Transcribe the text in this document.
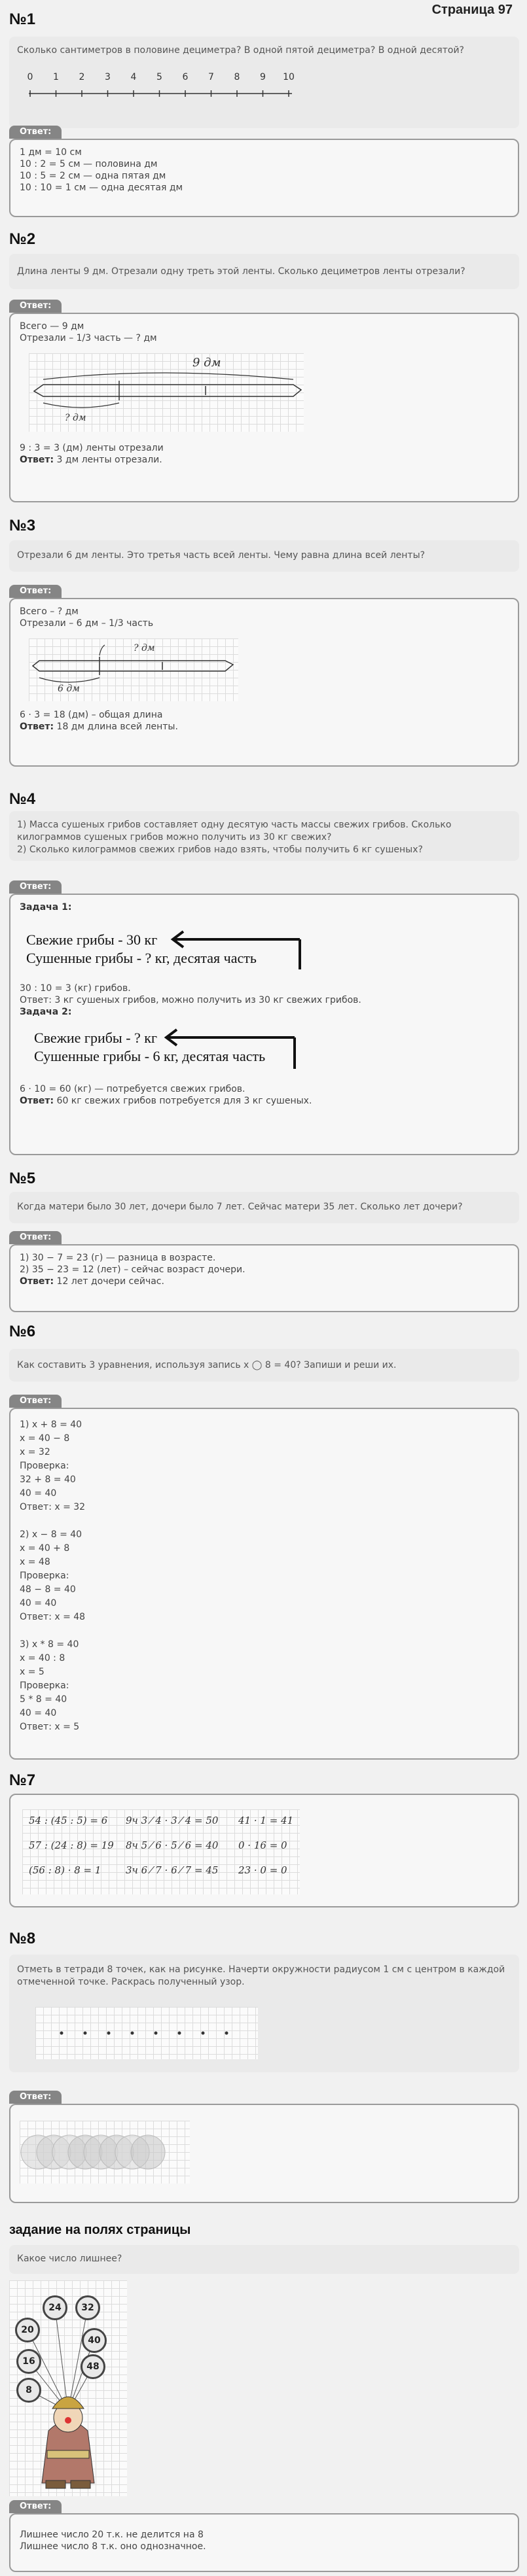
Страница 97
№1
Сколько сантиметров в половине дециметра? В одной пятой дециметра? В одной десятой?
0 1 2 3 4 5 6 7 8 9 10
Ответ:
1 дм = 10 см
10 : 2 = 5 см — половина дм
10 : 5 = 2 см — одна пятая дм
10 : 10 = 1 см — одна десятая дм
№2
Длина ленты 9 дм. Отрезали одну треть этой ленты. Сколько дециметров ленты отрезали?
Ответ:
Всего — 9 дм
Отрезали – 1/3 часть — ? дм
9 дм
? дм
9 : 3 = 3 (дм) ленты отрезали
Ответ: 3 дм ленты отрезали.
№3
Отрезали 6 дм ленты. Это третья часть всей ленты. Чему равна длина всей ленты?
Ответ:
Всего – ? дм
Отрезали – 6 дм – 1/3 часть
? дм
6 дм
6 · 3 = 18 (дм) – общая длина
Ответ: 18 дм длина всей ленты.
№4
1) Масса сушеных грибов составляет одну десятую часть массы свежих грибов. Сколько килограммов сушеных грибов можно получить из 30 кг свежих?
2) Сколько килограммов свежих грибов надо взять, чтобы получить 6 кг сушеных?
Ответ:
Задача 1:
Свежие грибы - 30 кг
Сушенные грибы - ? кг, десятая часть
30 : 10 = 3 (кг) грибов.
Ответ: 3 кг сушеных грибов, можно получить из 30 кг свежих грибов.
Задача 2:
Свежие грибы - ? кг
Сушенные грибы - 6 кг, десятая часть
6 · 10 = 60 (кг) — потребуется свежих грибов.
Ответ: 60 кг свежих грибов потребуется для 3 кг сушеных.
№5
Когда матери было 30 лет, дочери было 7 лет. Сейчас матери 35 лет. Сколько лет дочери?
Ответ:
1) 30 − 7 = 23 (г) — разница в возрасте.
2) 35 − 23 = 12 (лет) – сейчас возраст дочери.
Ответ: 12 лет дочери сейчас.
№6
Как составить 3 уравнения, используя запись х ◯ 8 = 40? Запиши и реши их.
Ответ:
1) х + 8 = 40
х = 40 − 8
х = 32
Проверка:
32 + 8 = 40
40 = 40
Ответ: х = 32
2) х − 8 = 40
х = 40 + 8
х = 48
Проверка:
48 − 8 = 40
40 = 40
Ответ: х = 48
3) х * 8 = 40
х = 40 : 8
х = 5
Проверка:
5 * 8 = 40
40 = 40
Ответ: х = 5
№7
54 : (45 : 5) = 6 9ч 3 ⁄ 4 · 3 ⁄ 4 = 50 41 · 1 = 41
57 : (24 : 8) = 19 8ч 5 ⁄ 6 · 5 ⁄ 6 = 40 0 · 16 = 0
(56 : 8) · 8 = 1	3ч 6 ⁄ 7 · 6 ⁄ 7 = 45 23 · 0 = 0
№8
Отметь в тетради 8 точек, как на рисунке. Начерти окружности радиусом 1 см с центром в каждой отмеченной точке. Раскрась полученный узор.
Ответ:
задание на полях страницы
Какое число лишнее?
24 32
20
40
16	48
8
Ответ:
Лишнее число 20 т.к. не делится на 8
Лишнее число 8 т.к. оно однозначное.
